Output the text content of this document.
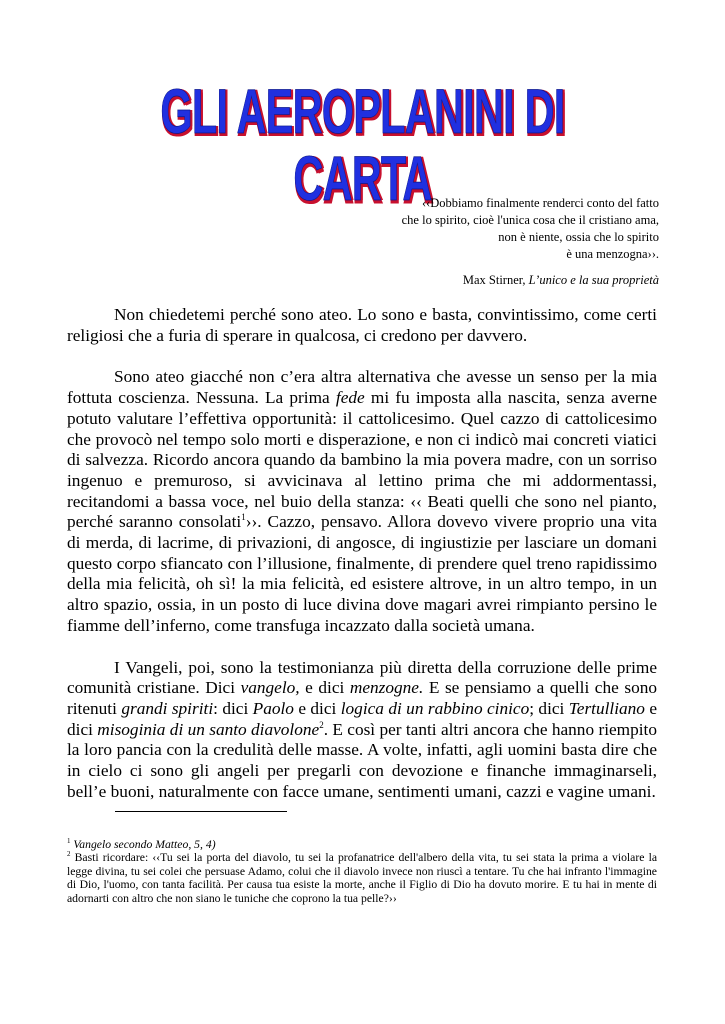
GLI AEROPLANINI DI CARTA

‹‹Dobbiamo finalmente renderci conto del fatto
che lo spirito, cioè l'unica cosa che il cristiano ama,
non è niente, ossia che lo spirito
è una menzogna››.

Max Stirner, L’unico e la sua proprietà

Non chiedetemi perché sono ateo. Lo sono e basta, convintissimo, come certi religiosi che a furia di sperare in qualcosa, ci credono per davvero.

Sono ateo giacché non c’era altra alternativa che avesse un senso per la mia fottuta coscienza. Nessuna. La prima fede mi fu imposta alla nascita, senza averne potuto valutare l’effettiva opportunità: il cattolicesimo. Quel cazzo di cattolicesimo che provocò nel tempo solo morti e disperazione, e non ci indicò mai concreti viatici di salvezza. Ricordo ancora quando da bambino la mia povera madre, con un sorriso ingenuo e premuroso, si avvicinava al lettino prima che mi addormentassi, recitandomi a bassa voce, nel buio della stanza: ‹‹ Beati quelli che sono nel pianto, perché saranno consolati$^1$››. Cazzo, pensavo. Allora dovevo vivere proprio una vita di merda, di lacrime, di privazioni, di angosce, di ingiustizie per lasciare un domani questo corpo sfiancato con l’illusione, finalmente, di prendere quel treno rapidissimo della mia felicità, oh sì! la mia felicità, ed esistere altrove, in un altro tempo, in un altro spazio, ossia, in un posto di luce divina dove magari avrei rimpianto persino le fiamme dell’inferno, come transfuga incazzato dalla società umana.

I Vangeli, poi, sono la testimonianza più diretta della corruzione delle prime comunità cristiane. Dici vangelo, e dici menzogne. E se pensiamo a quelli che sono ritenuti grandi spiriti: dici Paolo e dici logica di un rabbino cinico; dici Tertulliano e dici misoginia di un santo diavolone$^2$. E così per tanti altri ancora che hanno riempito la loro pancia con la credulità delle masse. A volte, infatti, agli uomini basta dire che in cielo ci sono gli angeli per pregarli con devozione e finanche immaginarseli, bell’e buoni, naturalmente con facce umane, sentimenti umani, cazzi e vagine umani.

$^1$ Vangelo secondo Matteo, 5, 4)

$^2$ Basti ricordare: ‹‹Tu sei la porta del diavolo, tu sei la profanatrice dell'albero della vita, tu sei stata la prima a violare la legge divina, tu sei colei che persuase Adamo, colui che il diavolo invece non riuscì a tentare. Tu che hai infranto l'immagine di Dio, l'uomo, con tanta facilità. Per causa tua esiste la morte, anche il Figlio di Dio ha dovuto morire. E tu hai in mente di adornarti con altro che non siano le tuniche che coprono la tua pelle?››
